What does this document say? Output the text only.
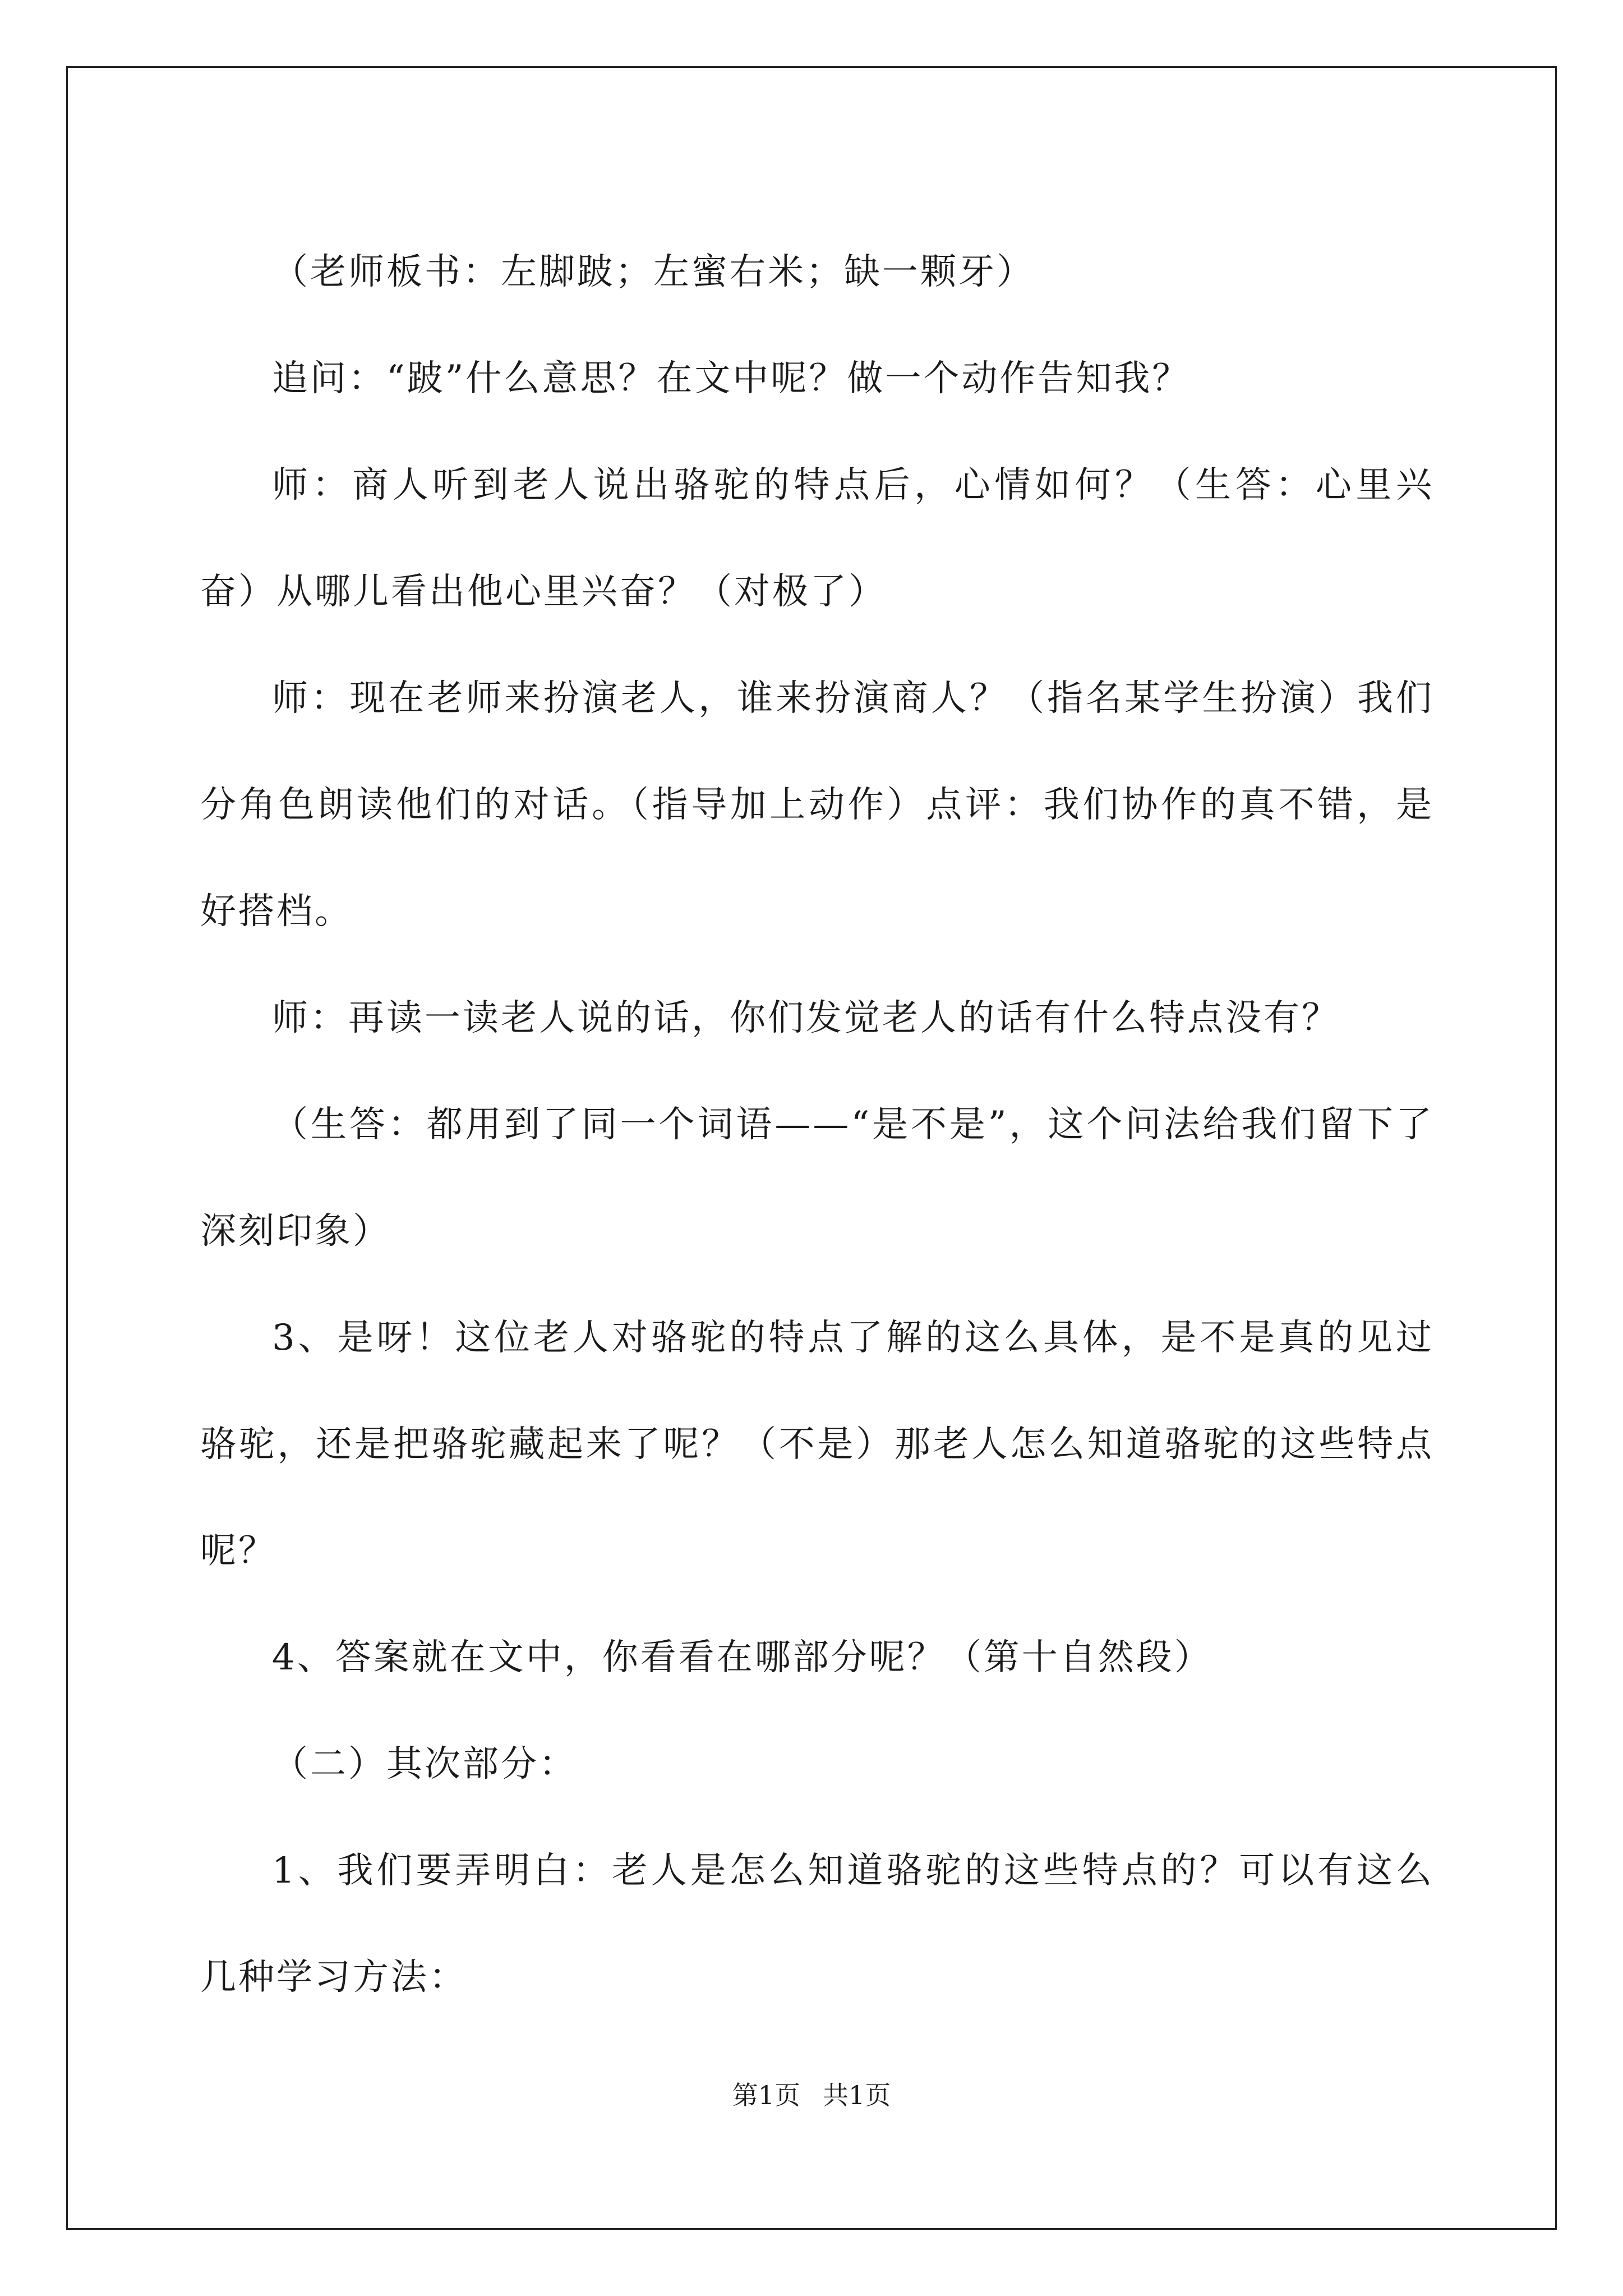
（老师板书：左脚跛；左蜜右米；缺一颗牙）

追问：“跛”什么意思？在文中呢？做一个动作告知我？

师：商人听到老人说出骆驼的特点后，心情如何？（生答：心里兴奋）从哪儿看出他心里兴奋？（对极了）

师：现在老师来扮演老人，谁来扮演商人？（指名某学生扮演）我们分角色朗读他们的对话。（指导加上动作）点评：我们协作的真不错，是好搭档。

师：再读一读老人说的话，你们发觉老人的话有什么特点没有？

（生答：都用到了同一个词语——“是不是”，这个问法给我们留下了深刻印象）

3、是呀！这位老人对骆驼的特点了解的这么具体，是不是真的见过骆驼，还是把骆驼藏起来了呢？（不是）那老人怎么知道骆驼的这些特点呢？

4、答案就在文中，你看看在哪部分呢？（第十自然段）

（二）其次部分：

1、我们要弄明白：老人是怎么知道骆驼的这些特点的？可以有这么几种学习方法：

第1页 共1页
